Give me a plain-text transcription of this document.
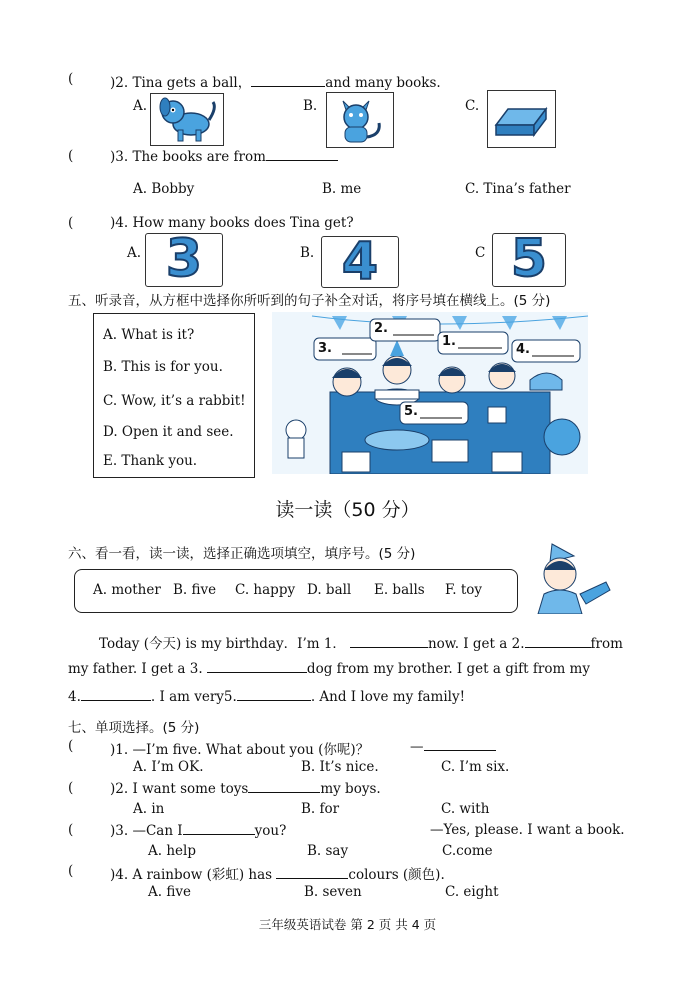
(	)2. Tina gets a ball，	and many books.
A.	B.	C.
(	)3. The books are from
A. Bobby	B. me	C. Tina’s father
(	)4. How many books does Tina get?
A.	B.	C
3	4	5
五、听录音，从方框中选择你所听到的句子补全对话，将序号填在横线上。(5 分)
A. What is it?
B. This is for you.
C. Wow, it’s a rabbit!
D. Open it and see.
E. Thank you.
2.
3.	1.
4.
5.
读一读（50 分）
六、看一看，读一读，选择正确选项填空，填序号。(5 分)
A. mother B. five C. happy D. ball E. balls F. toy
Today (今天) is my birthday．I’m 1．	now. I get a 2.	from
my father. I get a 3.	dog from my brother. I get a gift from my
4.	. I am very5.	. And I love my family!
七、单项选择。(5 分)
(	)1. —I’m five. What about you (你呢)？	—
A. I’m OK.	B. It’s nice.	C. I’m six.
(	)2. I want some toys	my boys.
A. in	B. for	C. with
(	)3. —Can I	you?	—Yes, please. I want a book.
A. help	B. say	C.come
(	)4. A rainbow (彩虹) has	colours (颜色).
A. five	B. seven	C. eight
三年级英语试卷 第 2 页 共 4 页
